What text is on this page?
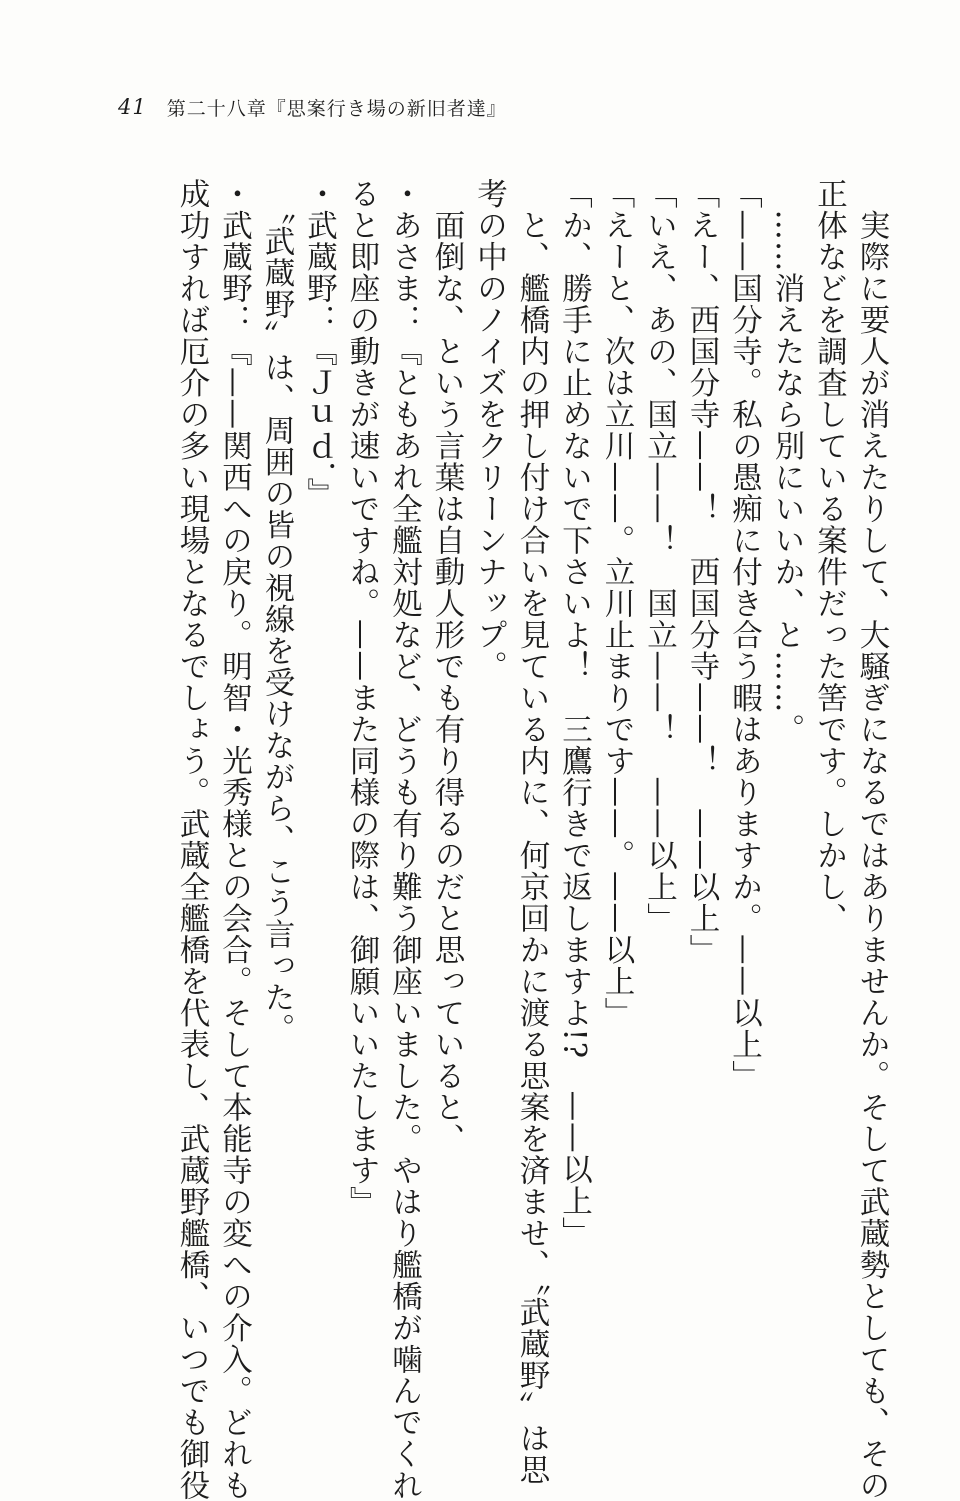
41 第二十八章『思案行き場の新旧者達』
　実際に要人が消えたりして、大騒ぎになるではありませんか。そして武蔵勢としても、その
正体などを調査している案件だった筈です。しかし、
　……消えたなら別にいいか、と……。
「——国分寺。私の愚痴に付き合う暇はありますか。——以上」
「えー、西国分寺——！　西国分寺——！　——以上」
「いえ、あの、国立——！　国立——！　——以上」
「えーと、次は立川——。立川止まりです——。——以上」
「か、勝手に止めないで下さいよ！　三鷹行きで返しますよ!?　——以上」
　と、艦橋内の押し付け合いを見ている内に、何京回かに渡る思案を済ませ、〝武蔵野〟は思
考の中のノイズをクリーンナップ。
　面倒な、という言葉は自動人形でも有り得るのだと思っていると、
・あさま：『ともあれ全艦対処など、どうも有り難う御座いました。やはり艦橋が噛んでくれ
ると即座の動きが速いですね。——また同様の際は、御願いいたします』
・武蔵野：『Ｊｕｄ．』
　〝武蔵野〟は、周囲の皆の視線を受けながら、こう言った。
・武蔵野：『——関西への戻り。明智・光秀様との会合。そして本能寺の変への介入。どれも
成功すれば厄介の多い現場となるでしょう。武蔵全艦橋を代表し、武蔵野艦橋、いつでも御役
